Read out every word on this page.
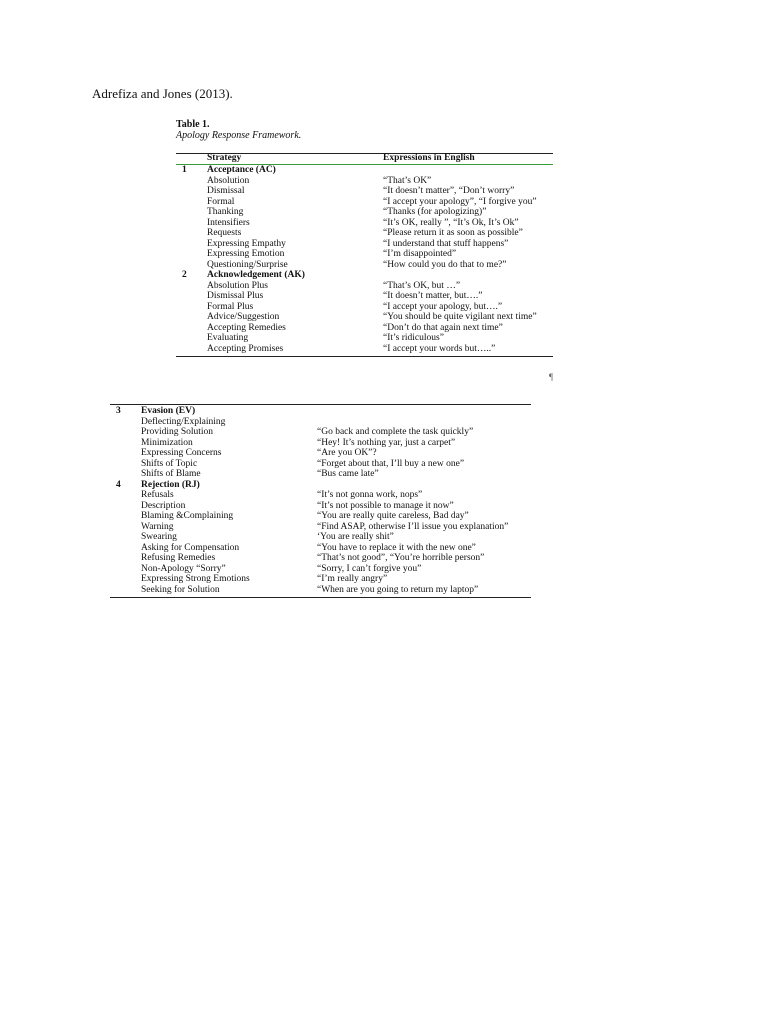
Adrefiza and Jones (2013).
Table 1.
Apology Response Framework.
Strategy	Expressions in English
1 Acceptance (AC)
Absolution	“That’s OK”
Dismissal	“It doesn’t matter”, “Don’t worry”
Formal	“I accept your apology”, “I forgive you”
Thanking	“Thanks (for apologizing)”
Intensifiers	“It’s OK, really ”, “It’s Ok, It’s Ok”
Requests	“Please return it as soon as possible”
Expressing Empathy	“I understand that stuff happens”
Expressing Emotion	“I’m disappointed”
Questioning/Surprise	“How could you do that to me?”
2 Acknowledgement (AK)
Absolution Plus	“That’s OK, but …”
Dismissal Plus	“It doesn’t matter, but….”
Formal Plus	“I accept your apology, but….”
Advice/Suggestion	“You should be quite vigilant next time”
Accepting Remedies	“Don’t do that again next time”
Evaluating	“It’s ridiculous”
Accepting Promises	“I accept your words but…..”
¶
3 Evasion (EV)
Deflecting/Explaining
Providing Solution	“Go back and complete the task quickly”
Minimization	“Hey! It’s nothing yar, just a carpet”
Expressing Concerns	“Are you OK”?
Shifts of Topic	“Forget about that, I’ll buy a new one”
Shifts of Blame	“Bus came late”
4 Rejection (RJ)
Refusals	“It’s not gonna work, nops”
Description	“It’s not possible to manage it now”
Blaming &Complaining	“You are really quite careless, Bad day”
Warning	“Find ASAP, otherwise I’ll issue you explanation”
Swearing	‘You are really shit”
Asking for Compensation	“You have to replace it with the new one”
Refusing Remedies	“That’s not good”, “You’re horrible person”
Non-Apology “Sorry”	“Sorry, I can’t forgive you”
Expressing Strong Emotions	“I’m really angry”
Seeking for Solution	“When are you going to return my laptop”
